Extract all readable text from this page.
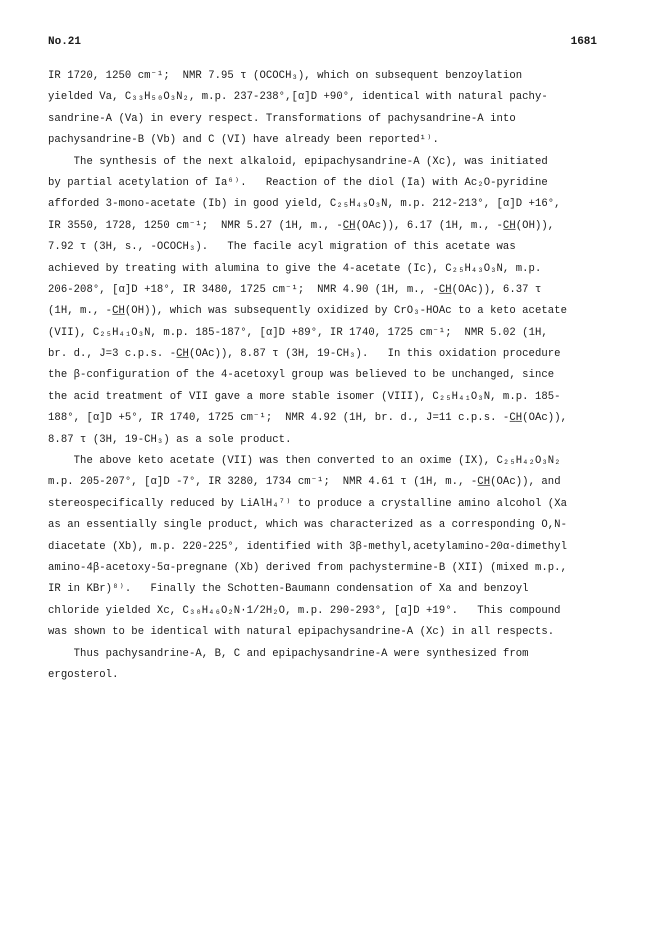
No.21	1681
IR 1720, 1250 cm⁻¹;  NMR 7.95 τ (OCOCH₃), which on subsequent benzoylation
yielded Va, C₃₃H₅₀O₃N₂, m.p. 237-238°,[α]D +90°, identical with natural pachy-
sandrine-A (Va) in every respect. Transformations of pachysandrine-A into
pachysandrine-B (Vb) and C (VI) have already been reported¹⁾.
The synthesis of the next alkaloid, epipachysandrine-A (Xc), was initiated
by partial acetylation of Ia⁶⁾.   Reaction of the diol (Ia) with Ac₂O-pyridine
afforded 3-mono-acetate (Ib) in good yield, C₂₅H₄₃O₃N, m.p. 212-213°, [α]D +16°,
IR 3550, 1728, 1250 cm⁻¹;  NMR 5.27 (1H, m., -C̲H̲(OAc)), 6.17 (1H, m., -C̲H̲(OH)),
7.92 τ (3H, s., -OCOCH₃).   The facile acyl migration of this acetate was
achieved by treating with alumina to give the 4-acetate (Ic), C₂₅H₄₃O₃N, m.p.
206-208°, [α]D +18°, IR 3480, 1725 cm⁻¹;  NMR 4.90 (1H, m., -C̲H̲(OAc)), 6.37 τ
(1H, m., -C̲H̲(OH)), which was subsequently oxidized by CrO₃-HOAc to a keto acetate
(VII), C₂₅H₄₁O₃N, m.p. 185-187°, [α]D +89°, IR 1740, 1725 cm⁻¹;  NMR 5.02 (1H,
br. d., J=3 c.p.s. -C̲H̲(OAc)), 8.87 τ (3H, 19-CH₃).   In this oxidation procedure
the β-configuration of the 4-acetoxyl group was believed to be unchanged, since
the acid treatment of VII gave a more stable isomer (VIII), C₂₅H₄₁O₃N, m.p. 185-
188°, [α]D +5°, IR 1740, 1725 cm⁻¹;  NMR 4.92 (1H, br. d., J=11 c.p.s. -C̲H̲(OAc)),
8.87 τ (3H, 19-CH₃) as a sole product.
The above keto acetate (VII) was then converted to an oxime (IX), C₂₅H₄₂O₃N₂
m.p. 205-207°, [α]D -7°, IR 3280, 1734 cm⁻¹;  NMR 4.61 τ (1H, m., -C̲H̲(OAc)), and
stereospecifically reduced by LiAlH₄⁷⁾ to produce a crystalline amino alcohol (Xa
as an essentially single product, which was characterized as a corresponding O,N-
diacetate (Xb), m.p. 220-225°, identified with 3β-methyl,acetylamino-20α-dimethyl
amino-4β-acetoxy-5α-pregnane (Xb) derived from pachystermine-B (XII) (mixed m.p.,
IR in KBr)⁸⁾.   Finally the Schotten-Baumann condensation of Xa and benzoyl
chloride yielded Xc, C₃₀H₄₆O₂N·1/2H₂O, m.p. 290-293°, [α]D +19°.   This compound
was shown to be identical with natural epipachysandrine-A (Xc) in all respects.
Thus pachysandrine-A, B, C and epipachysandrine-A were synthesized from
ergosterol.
